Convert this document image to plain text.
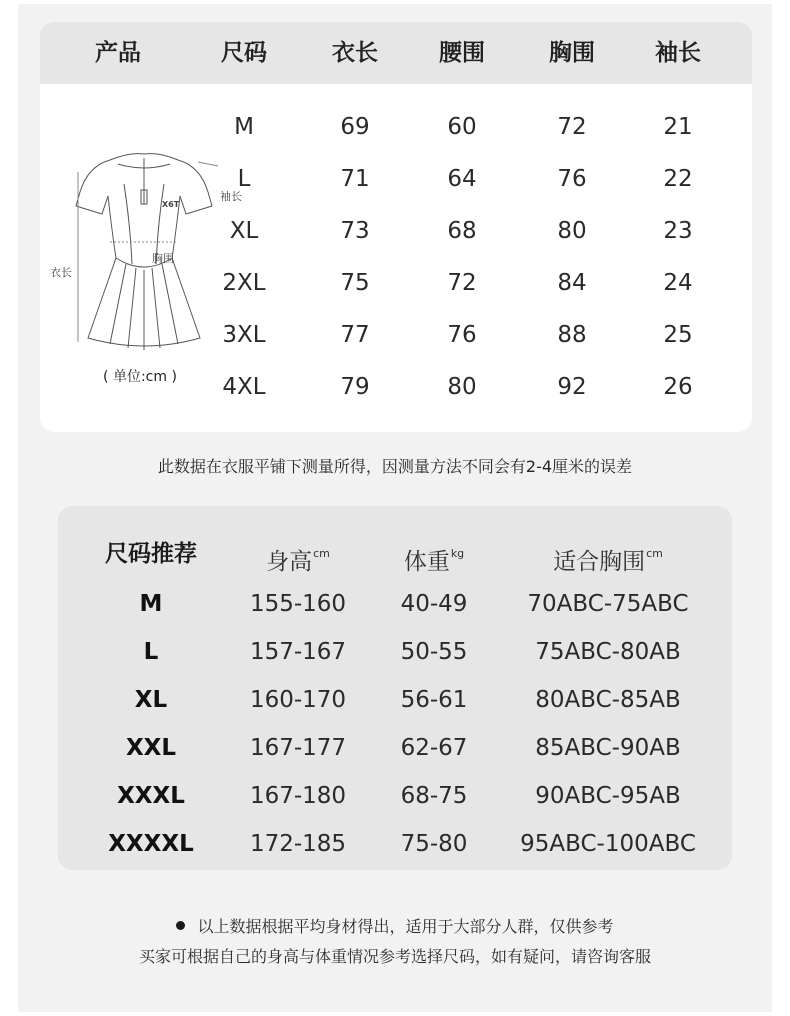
产品	尺码	衣长	腰围	胸围	袖长
袖长
衣长
胸围
X6T
( 单位:cm )
M	69	60	72	21
L	71	64	76	22
XL	73	68	80	23
2XL	75	72	84	24
3XL	77	76	88	25
4XL	79	80	92	26
此数据在衣服平铺下测量所得，因测量方法不同会有2-4厘米的误差
尺码推荐	身高$^{cm}$	体重$^{kg}$	适合胸围$^{cm}$
M	155-160	40-49	70ABC-75ABC
L	157-167	50-55	75ABC-80AB
XL	160-170	56-61	80ABC-85AB
XXL	167-177	62-67	85ABC-90AB
XXXL	167-180	68-75	90ABC-95AB
XXXXL	172-185	75-80	95ABC-100ABC
以上数据根据平均身材得出，适用于大部分人群，仅供参考
买家可根据自己的身高与体重情况参考选择尺码，如有疑问，请咨询客服
